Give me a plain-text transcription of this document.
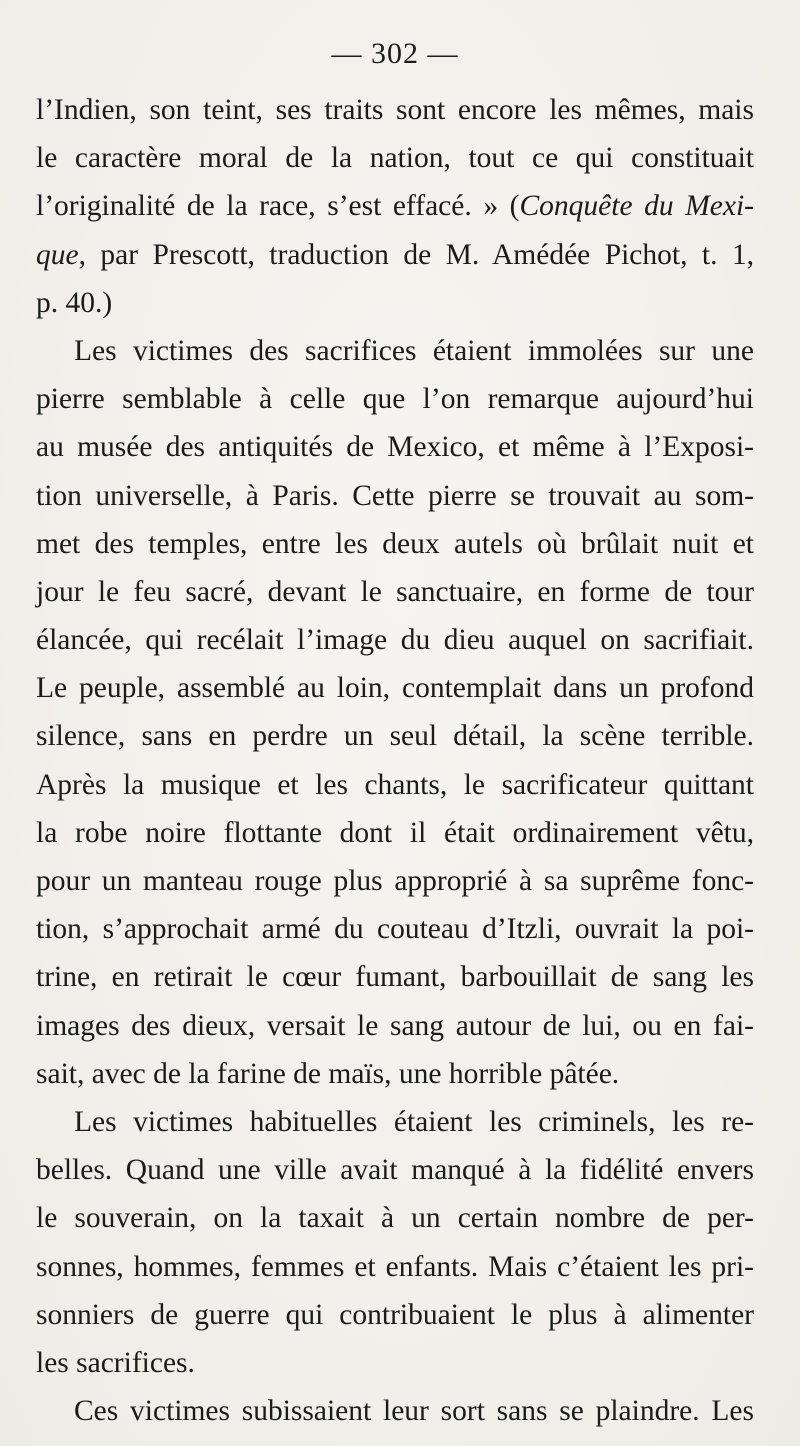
— 302 —
l’Indien, son teint, ses traits sont encore les mêmes, mais
le caractère moral de la nation, tout ce qui constituait
l’originalité de la race, s’est effacé. » (Conquête du Mexi-
que, par Prescott, traduction de M. Amédée Pichot, t. 1,
p. 40.)
Les victimes des sacrifices étaient immolées sur une
pierre semblable à celle que l’on remarque aujourd’hui
au musée des antiquités de Mexico, et même à l’Exposi-
tion universelle, à Paris. Cette pierre se trouvait au som-
met des temples, entre les deux autels où brûlait nuit et
jour le feu sacré, devant le sanctuaire, en forme de tour
élancée, qui recélait l’image du dieu auquel on sacrifiait.
Le peuple, assemblé au loin, contemplait dans un profond
silence, sans en perdre un seul détail, la scène terrible.
Après la musique et les chants, le sacrificateur quittant
la robe noire flottante dont il était ordinairement vêtu,
pour un manteau rouge plus approprié à sa suprême fonc-
tion, s’approchait armé du couteau d’Itzli, ouvrait la poi-
trine, en retirait le cœur fumant, barbouillait de sang les
images des dieux, versait le sang autour de lui, ou en fai-
sait, avec de la farine de maïs, une horrible pâtée.
Les victimes habituelles étaient les criminels, les re-
belles. Quand une ville avait manqué à la fidélité envers
le souverain, on la taxait à un certain nombre de per-
sonnes, hommes, femmes et enfants. Mais c’étaient les pri-
sonniers de guerre qui contribuaient le plus à alimenter
les sacrifices.
Ces victimes subissaient leur sort sans se plaindre. Les
